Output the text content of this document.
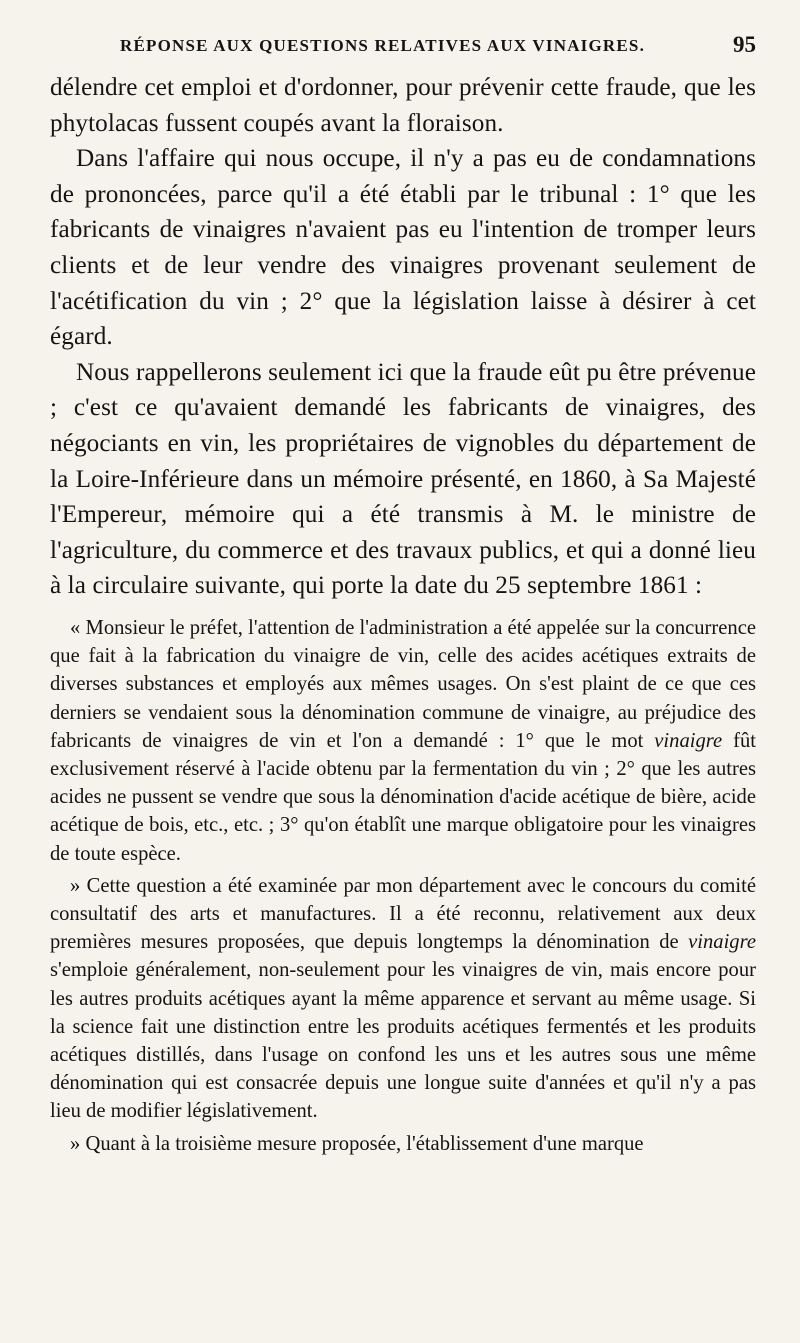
RÉPONSE AUX QUESTIONS RELATIVES AUX VINAIGRES.	95

délendre cet emploi et d'ordonner, pour prévenir cette fraude, que les phytolacas fussent coupés avant la floraison.

Dans l'affaire qui nous occupe, il n'y a pas eu de condamnations de prononcées, parce qu'il a été établi par le tribunal : 1° que les fabricants de vinaigres n'avaient pas eu l'intention de tromper leurs clients et de leur vendre des vinaigres provenant seulement de l'acétification du vin ; 2° que la législation laisse à désirer à cet égard.

Nous rappellerons seulement ici que la fraude eût pu être prévenue ; c'est ce qu'avaient demandé les fabricants de vinaigres, des négociants en vin, les propriétaires de vignobles du département de la Loire-Inférieure dans un mémoire présenté, en 1860, à Sa Majesté l'Empereur, mémoire qui a été transmis à M. le ministre de l'agriculture, du commerce et des travaux publics, et qui a donné lieu à la circulaire suivante, qui porte la date du 25 septembre 1861 :

« Monsieur le préfet, l'attention de l'administration a été appelée sur la concurrence que fait à la fabrication du vinaigre de vin, celle des acides acétiques extraits de diverses substances et employés aux mêmes usages. On s'est plaint de ce que ces derniers se vendaient sous la dénomination commune de vinaigre, au préjudice des fabricants de vinaigres de vin et l'on a demandé : 1° que le mot vinaigre fût exclusivement réservé à l'acide obtenu par la fermentation du vin ; 2° que les autres acides ne pussent se vendre que sous la dénomination d'acide acétique de bière, acide acétique de bois, etc., etc. ; 3° qu'on établît une marque obligatoire pour les vinaigres de toute espèce.

» Cette question a été examinée par mon département avec le concours du comité consultatif des arts et manufactures. Il a été reconnu, relativement aux deux premières mesures proposées, que depuis longtemps la dénomination de vinaigre s'emploie généralement, non-seulement pour les vinaigres de vin, mais encore pour les autres produits acétiques ayant la même apparence et servant au même usage. Si la science fait une distinction entre les produits acétiques fermentés et les produits acétiques distillés, dans l'usage on confond les uns et les autres sous une même dénomination qui est consacrée depuis une longue suite d'années et qu'il n'y a pas lieu de modifier législativement.

» Quant à la troisième mesure proposée, l'établissement d'une marque
